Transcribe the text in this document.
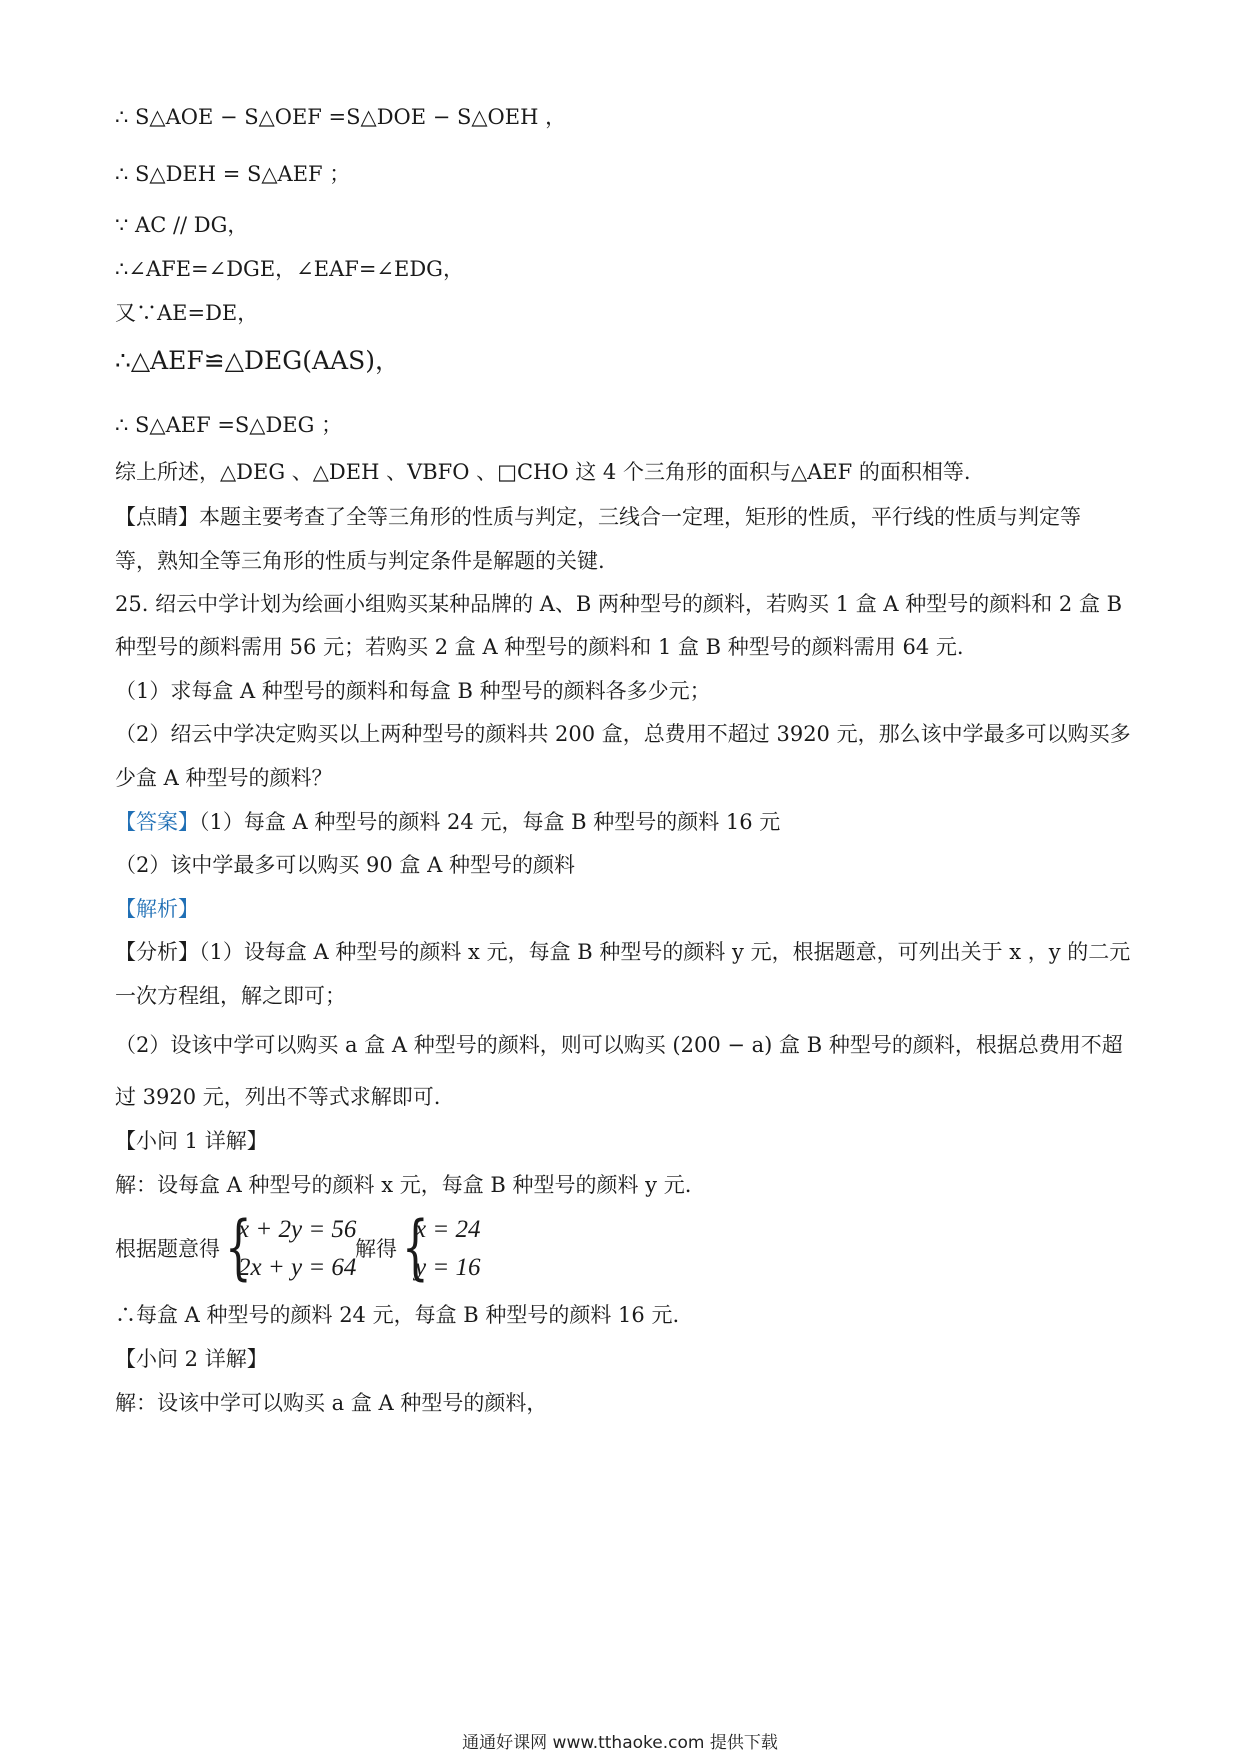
∴ S△AOE − S△OEF =S△DOE − S△OEH ，
∴ S△DEH = S△AEF ；
∵ AC // DG，
∴∠AFE=∠DGE，∠EAF=∠EDG，
又∵AE=DE，
∴△AEF≌△DEG(AAS)，
∴ S△AEF =S△DEG ；
综上所述，△DEG 、△DEH 、VBFO 、□CHO 这 4 个三角形的面积与△AEF 的面积相等.
【点睛】本题主要考查了全等三角形的性质与判定，三线合一定理，矩形的性质，平行线的性质与判定等
等，熟知全等三角形的性质与判定条件是解题的关键.
25. 绍云中学计划为绘画小组购买某种品牌的 A、B 两种型号的颜料，若购买 1 盒 A 种型号的颜料和 2 盒 B
种型号的颜料需用 56 元；若购买 2 盒 A 种型号的颜料和 1 盒 B 种型号的颜料需用 64 元.
（1）求每盒 A 种型号的颜料和每盒 B 种型号的颜料各多少元；
（2）绍云中学决定购买以上两种型号的颜料共 200 盒，总费用不超过 3920 元，那么该中学最多可以购买多
少盒 A 种型号的颜料？
【答案】（1）每盒 A 种型号的颜料 24 元，每盒 B 种型号的颜料 16 元
（2）该中学最多可以购买 90 盒 A 种型号的颜料
【解析】
【分析】（1）设每盒 A 种型号的颜料 x 元，每盒 B 种型号的颜料 y 元，根据题意，可列出关于 x ，y 的二元
一次方程组，解之即可；
（2）设该中学可以购买 a 盒 A 种型号的颜料，则可以购买 (200 − a) 盒 B 种型号的颜料，根据总费用不超
过 3920 元，列出不等式求解即可.
【小问 1 详解】
解：设每盒 A 种型号的颜料 x 元，每盒 B 种型号的颜料 y 元.
根据题意得 {
x + 2y = 56
2x + y = 64
解得 {
x = 24
y = 16
∴每盒 A 种型号的颜料 24 元，每盒 B 种型号的颜料 16 元.
【小问 2 详解】
解：设该中学可以购买 a 盒 A 种型号的颜料，
通通好课网 www.tthaoke.com 提供下载
